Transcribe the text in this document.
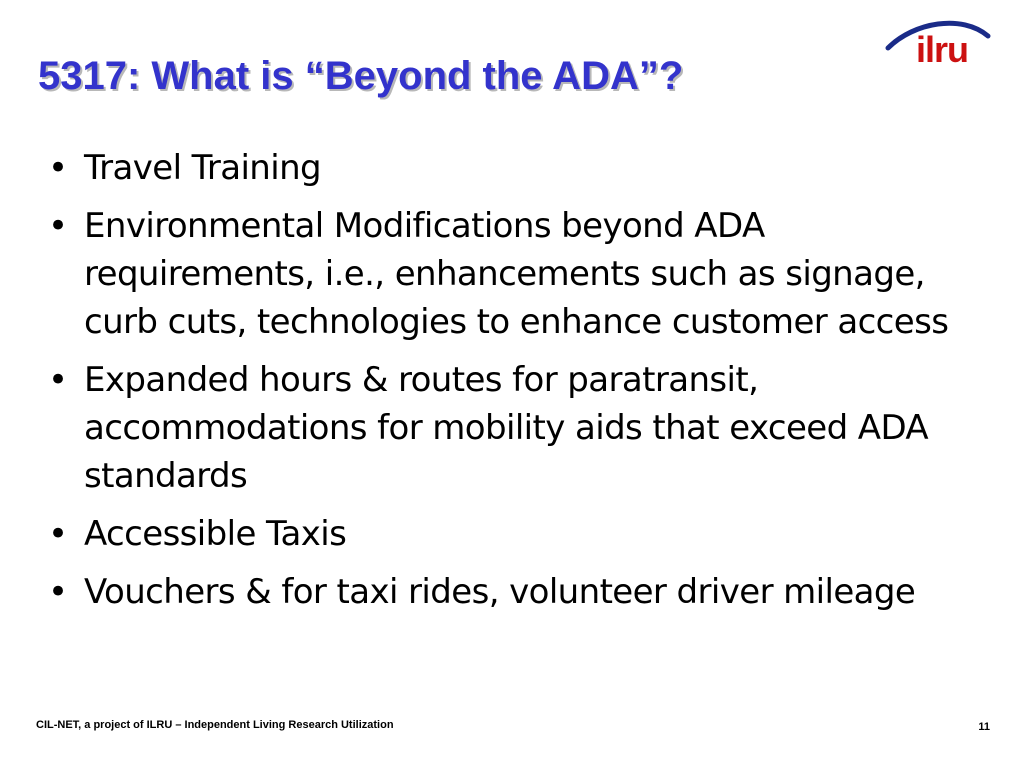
5317: What is “Beyond the ADA”?
ilru
• Travel Training
• Environmental Modifications beyond ADA requirements, i.e., enhancements such as signage, curb cuts, technologies to enhance customer access
• Expanded hours & routes for paratransit, accommodations for mobility aids that exceed ADA standards
• Accessible Taxis
• Vouchers & for taxi rides, volunteer driver mileage
CIL-NET, a project of ILRU – Independent Living Research Utilization	11
